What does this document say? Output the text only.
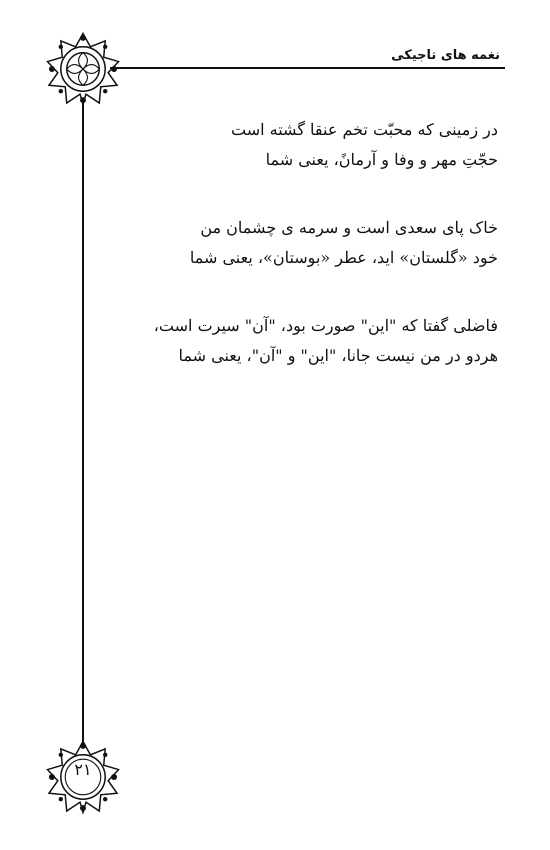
نغمه های تاجیکی
در زمینی که محبّت تخم عنقا گشته است
حجّتِ مهر و وفا و آرمانً، یعنی شما
خاک پای سعدی است و سرمه ی چشمان من
خود «گلستان» اید، عطر «بوستان»، یعنی شما
فاضلی گفتا که "این" صورت بود، "آن" سیرت است،
هردو در من نیست جانا، "این" و "آن"، یعنی شما
۲۱
